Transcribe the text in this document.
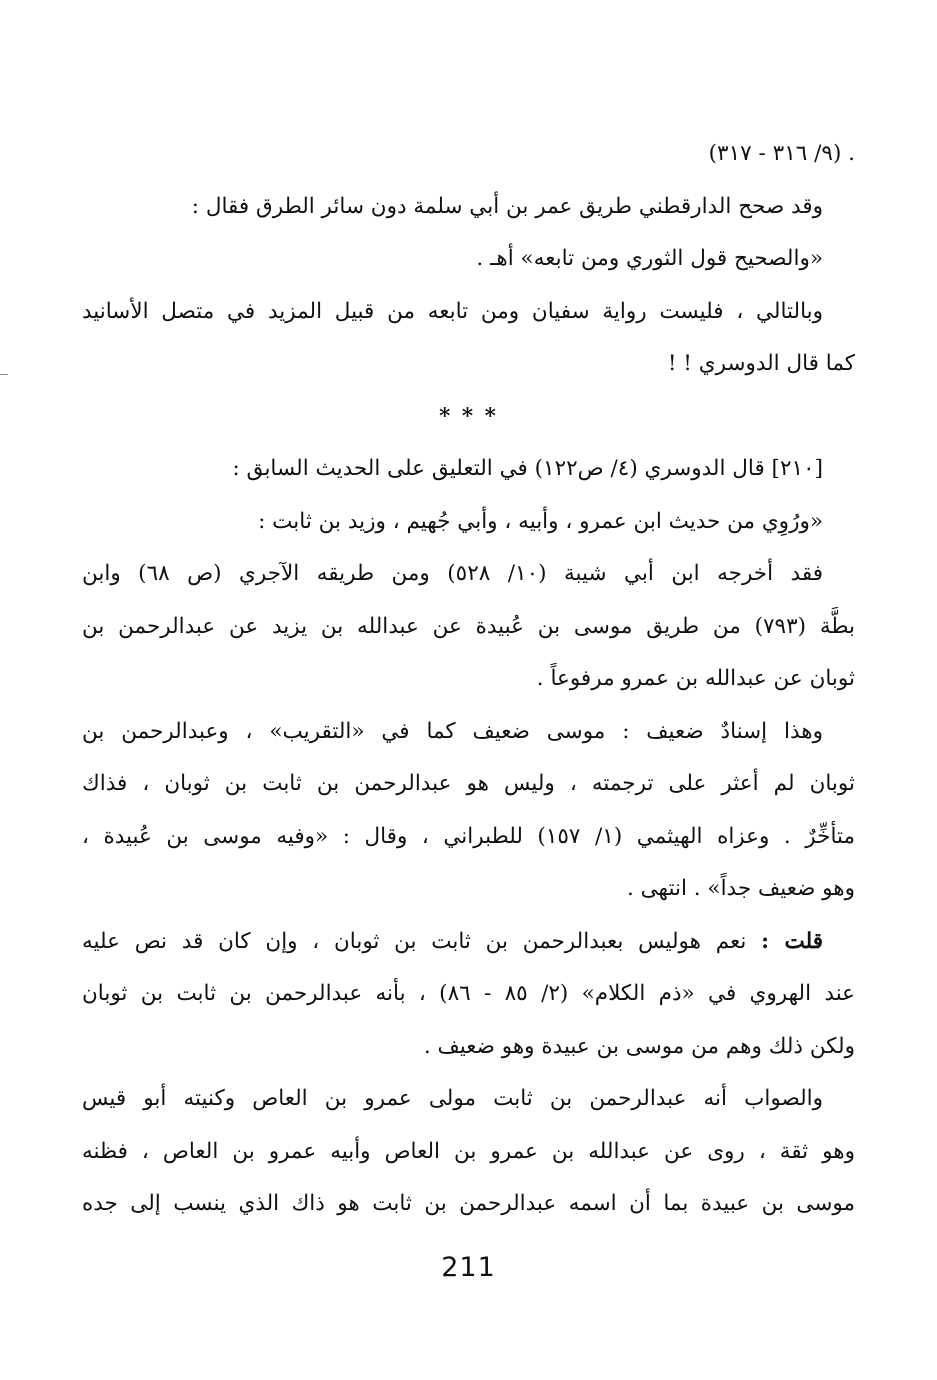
. (٩/ ٣١٦ - ٣١٧)
وقد صحح الدارقطني طريق عمر بن أبي سلمة دون سائر الطرق فقال :
«والصحيح قول الثوري ومن تابعه» أهـ .
وبالتالي ، فليست رواية سفيان ومن تابعه من قبيل المزيد في متصل الأسانيد
كما قال الدوسري ! !
* * *
[٢١٠] قال الدوسري (٤/ ص١٢٢) في التعليق على الحديث السابق :
«ورُوِي من حديث ابن عمرو ، وأبيه ، وأبي جُهيم ، وزيد بن ثابت :
فقد أخرجه ابن أبي شيبة (١٠/ ٥٢٨) ومن طريقه الآجري (ص ٦٨) وابن
بطَّة (٧٩٣) من طريق موسى بن عُبيدة عن عبدالله بن يزيد عن عبدالرحمن بن
ثوبان عن عبدالله بن عمرو مرفوعاً .
وهذا إسنادٌ ضعيف : موسى ضعيف كما في «التقريب» ، وعبدالرحمن بن
ثوبان لم أعثر على ترجمته ، وليس هو عبدالرحمن بن ثابت بن ثوبان ، فذاك
متأخِّرٌ . وعزاه الهيثمي (١/ ١٥٧) للطبراني ، وقال : «وفيه موسى بن عُبيدة ،
وهو ضعيف جداً» . انتهى .
قلت : نعم هوليس بعبدالرحمن بن ثابت بن ثوبان ، وإن كان قد نص عليه
عند الهروي في «ذم الكلام» (٢/ ٨٥ - ٨٦) ، بأنه عبدالرحمن بن ثابت بن ثوبان
ولكن ذلك وهم من موسى بن عبيدة وهو ضعيف .
والصواب أنه عبدالرحمن بن ثابت مولى عمرو بن العاص وكنيته أبو قيس
وهو ثقة ، روى عن عبدالله بن عمرو بن العاص وأبيه عمرو بن العاص ، فظنه
موسى بن عبيدة بما أن اسمه عبدالرحمن بن ثابت هو ذاك الذي ينسب إلى جده
211
